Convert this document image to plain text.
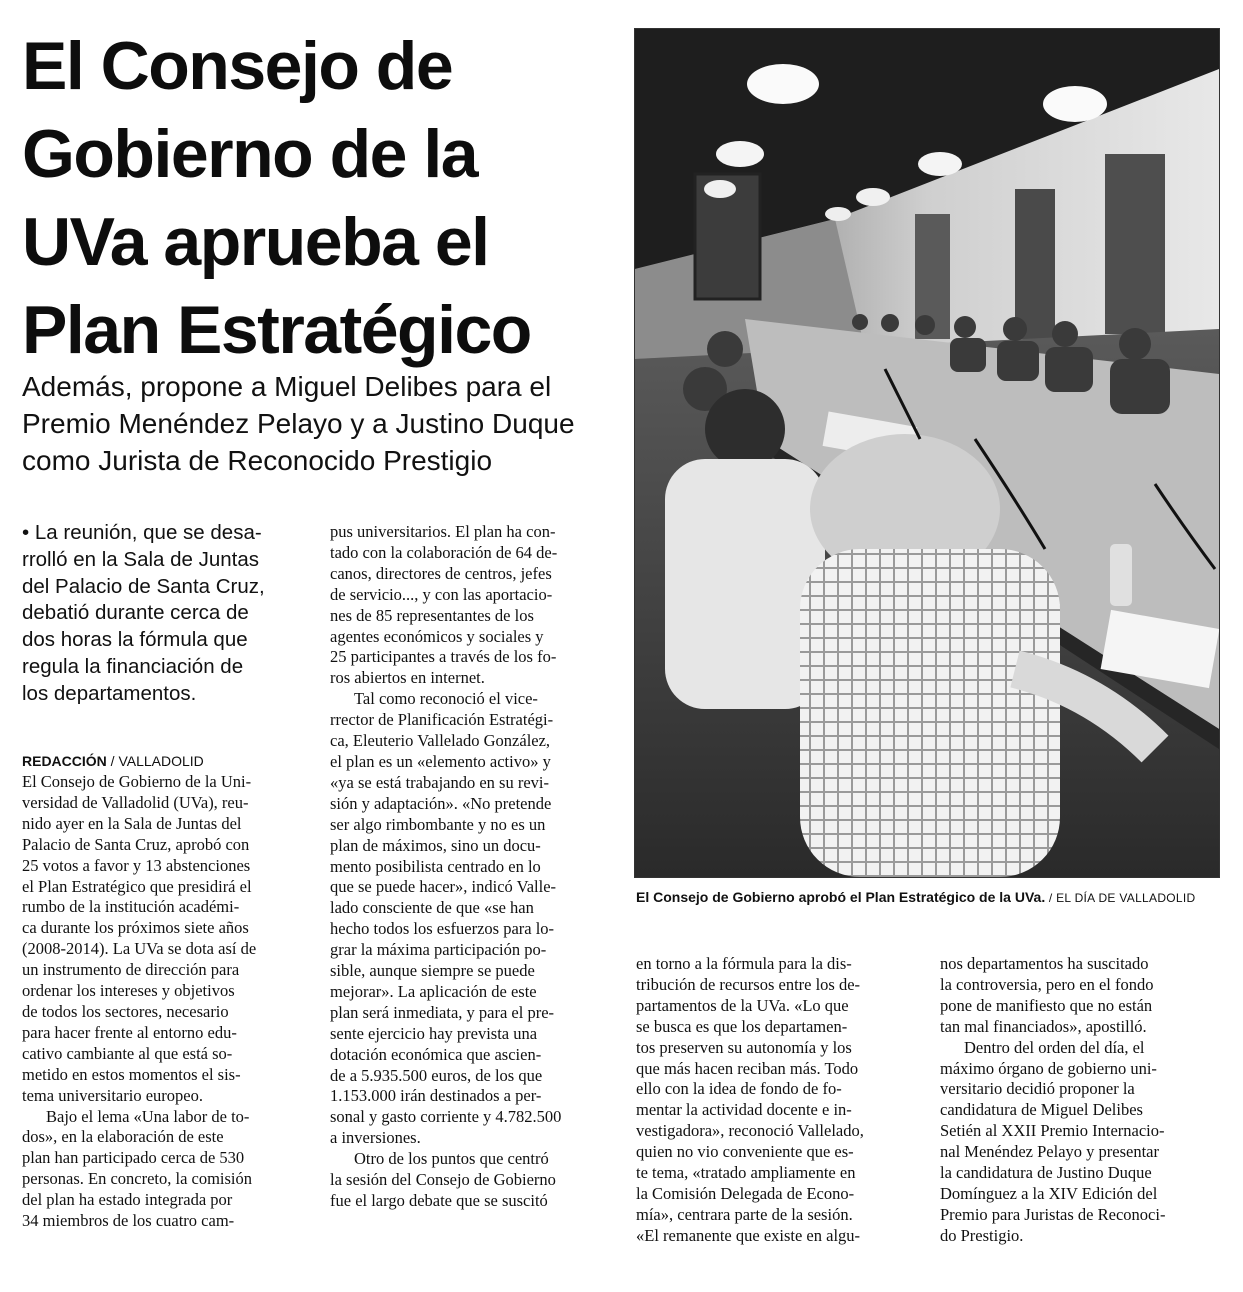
El Consejo de
Gobierno de la
UVa aprueba el
Plan Estratégico
Además, propone a Miguel Delibes para el
Premio Menéndez Pelayo y a Justino Duque
como Jurista de Reconocido Prestigio
• La reunión, que se desa-
rrolló en la Sala de Juntas
del Palacio de Santa Cruz,
debatió durante cerca de
dos horas la fórmula que
regula la financiación de
los departamentos.
REDACCIÓN / VALLADOLID
El Consejo de Gobierno de la Uni-
versidad de Valladolid (UVa), reu-
nido ayer en la Sala de Juntas del
Palacio de Santa Cruz, aprobó con
25 votos a favor y 13 abstenciones
el Plan Estratégico que presidirá el
rumbo de la institución académi-
ca durante los próximos siete años
(2008-2014). La UVa se dota así de
un instrumento de dirección para
ordenar los intereses y objetivos
de todos los sectores, necesario
para hacer frente al entorno edu-
cativo cambiante al que está so-
metido en estos momentos el sis-
tema universitario europeo.
Bajo el lema «Una labor de to-
dos», en la elaboración de este
plan han participado cerca de 530
personas. En concreto, la comisión
del plan ha estado integrada por
34 miembros de los cuatro cam-
pus universitarios. El plan ha con-
tado con la colaboración de 64 de-
canos, directores de centros, jefes
de servicio..., y con las aportacio-
nes de 85 representantes de los
agentes económicos y sociales y
25 participantes a través de los fo-
ros abiertos en internet.
Tal como reconoció el vice-
rrector de Planificación Estratégi-
ca, Eleuterio Vallelado González,
el plan es un «elemento activo» y
«ya se está trabajando en su revi-
sión y adaptación». «No pretende
ser algo rimbombante y no es un
plan de máximos, sino un docu-
mento posibilista centrado en lo
que se puede hacer», indicó Valle-
lado consciente de que «se han
hecho todos los esfuerzos para lo-
grar la máxima participación po-
sible, aunque siempre se puede
mejorar». La aplicación de este
plan será inmediata, y para el pre-
sente ejercicio hay prevista una
dotación económica que ascien-
de a 5.935.500 euros, de los que
1.153.000 irán destinados a per-
sonal y gasto corriente y 4.782.500
a inversiones.
Otro de los puntos que centró
la sesión del Consejo de Gobierno
fue el largo debate que se suscitó
en torno a la fórmula para la dis-
tribución de recursos entre los de-
partamentos de la UVa. «Lo que
se busca es que los departamen-
tos preserven su autonomía y los
que más hacen reciban más. Todo
ello con la idea de fondo de fo-
mentar la actividad docente e in-
vestigadora», reconoció Vallelado,
quien no vio conveniente que es-
te tema, «tratado ampliamente en
la Comisión Delegada de Econo-
mía», centrara parte de la sesión.
«El remanente que existe en algu-
nos departamentos ha suscitado
la controversia, pero en el fondo
pone de manifiesto que no están
tan mal financiados», apostilló.
Dentro del orden del día, el
máximo órgano de gobierno uni-
versitario decidió proponer la
candidatura de Miguel Delibes
Setién al XXII Premio Internacio-
nal Menéndez Pelayo y presentar
la candidatura de Justino Duque
Domínguez a la XIV Edición del
Premio para Juristas de Reconoci-
do Prestigio.
El Consejo de Gobierno aprobó el Plan Estratégico de la UVa. / EL DÍA DE VALLADOLID
